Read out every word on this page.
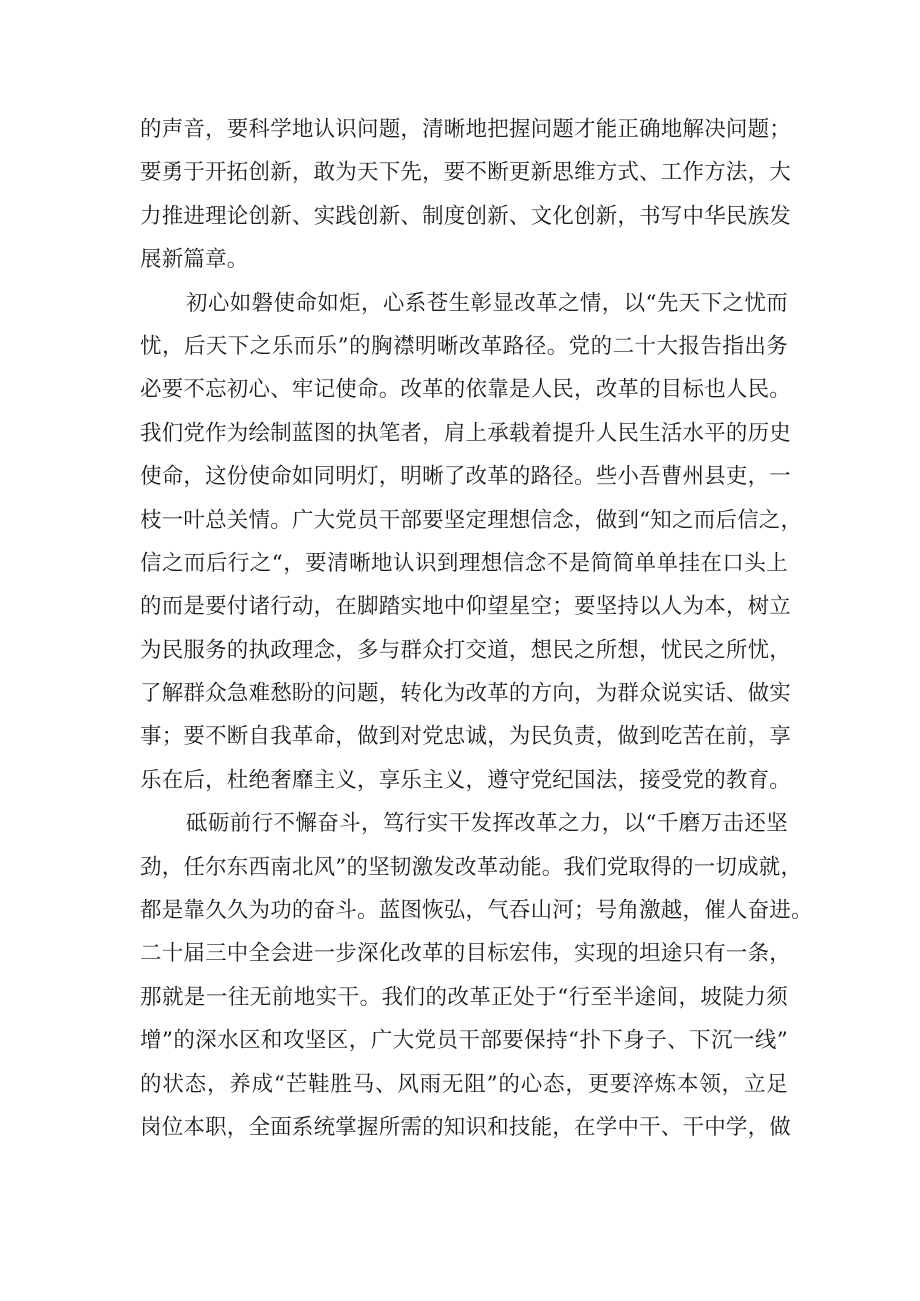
的声音，要科学地认识问题，清晰地把握问题才能正确地解决问题；
要勇于开拓创新，敢为天下先，要不断更新思维方式、工作方法，大
力推进理论创新、实践创新、制度创新、文化创新，书写中华民族发
展新篇章。
初心如磐使命如炬，心系苍生彰显改革之情，以“先天下之忧而
忧，后天下之乐而乐”的胸襟明晰改革路径。党的二十大报告指出务
必要不忘初心、牢记使命。改革的依靠是人民，改革的目标也人民。
我们党作为绘制蓝图的执笔者，肩上承载着提升人民生活水平的历史
使命，这份使命如同明灯，明晰了改革的路径。些小吾曹州县吏，一
枝一叶总关情。广大党员干部要坚定理想信念，做到“知之而后信之，
信之而后行之“，要清晰地认识到理想信念不是简简单单挂在口头上
的而是要付诸行动，在脚踏实地中仰望星空；要坚持以人为本，树立
为民服务的执政理念，多与群众打交道，想民之所想，忧民之所忧，
了解群众急难愁盼的问题，转化为改革的方向，为群众说实话、做实
事；要不断自我革命，做到对党忠诚，为民负责，做到吃苦在前，享
乐在后，杜绝奢靡主义，享乐主义，遵守党纪国法，接受党的教育。
砥砺前行不懈奋斗，笃行实干发挥改革之力，以“千磨万击还坚
劲，任尔东西南北风”的坚韧激发改革动能。我们党取得的一切成就，
都是靠久久为功的奋斗。蓝图恢弘，气吞山河；号角激越，催人奋进。
二十届三中全会进一步深化改革的目标宏伟，实现的坦途只有一条，
那就是一往无前地实干。我们的改革正处于“行至半途间，坡陡力须
增”的深水区和攻坚区，广大党员干部要保持“扑下身子、下沉一线”
的状态，养成“芒鞋胜马、风雨无阻”的心态，更要淬炼本领，立足
岗位本职，全面系统掌握所需的知识和技能，在学中干、干中学，做
